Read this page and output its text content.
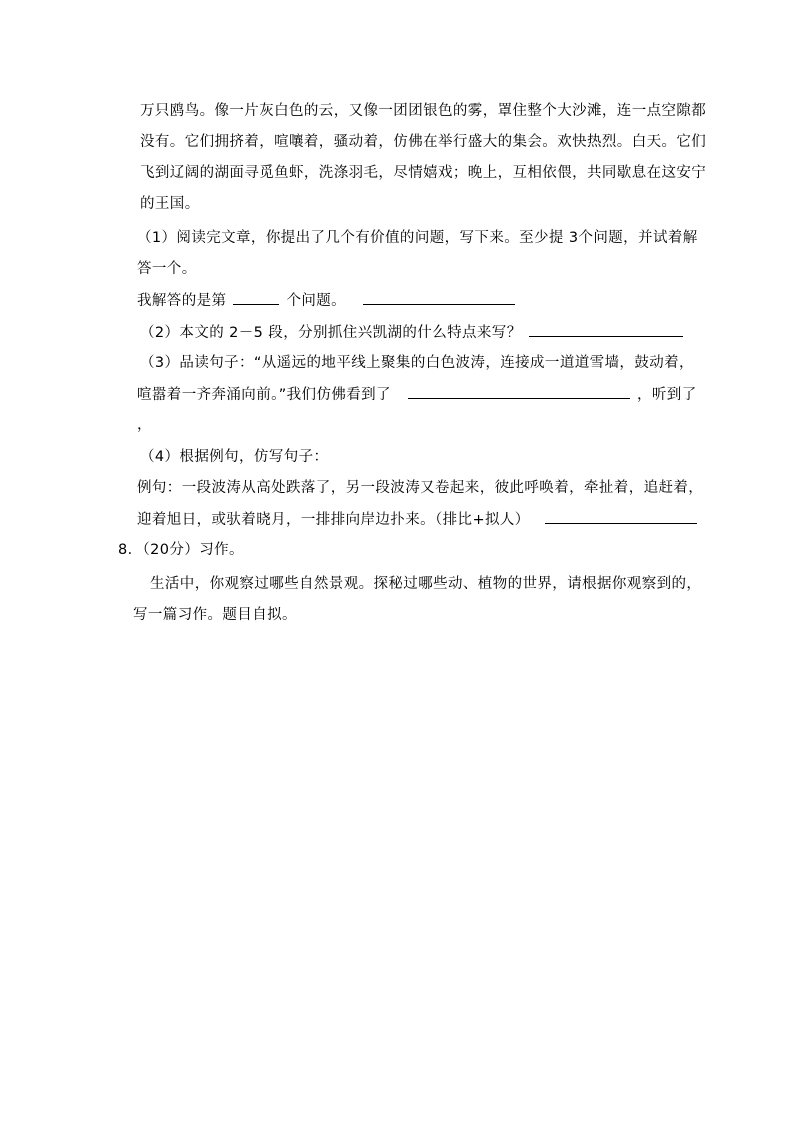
万只鸥鸟。像一片灰白色的云，又像一团团银色的雾，罩住整个大沙滩，连一点空隙都
没有。它们拥挤着，喧嚷着，骚动着，仿佛在举行盛大的集会。欢快热烈。白天。它们
飞到辽阔的湖面寻觅鱼虾，洗涤羽毛，尽情嬉戏；晚上，互相依偎，共同歇息在这安宁
的王国。
（1）阅读完文章，你提出了几个有价值的问题，写下来。至少提 3个问题，并试着解
答一个。
我解答的是第	个问题。
（2）本文的 2－5 段，分别抓住兴凯湖的什么特点来写？
（3）品读句子：“从遥远的地平线上聚集的白色波涛，连接成一道道雪墙，鼓动着，
喧嚣着一齐奔涌向前。”我们仿佛看到了	，听到了
，
（4）根据例句，仿写句子：
例句：一段波涛从高处跌落了，另一段波涛又卷起来，彼此呼唤着，牵扯着，追赶着，
迎着旭日，或驮着晓月，一排排向岸边扑来。（排比+拟人）
8．（20分）习作。
生活中，你观察过哪些自然景观。探秘过哪些动、植物的世界，请根据你观察到的，
写一篇习作。题目自拟。
